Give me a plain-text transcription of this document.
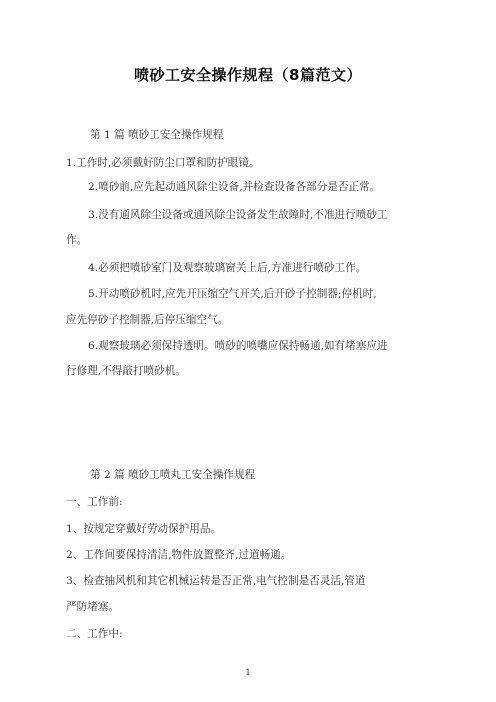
喷砂工安全操作规程（8篇范文）
第 1 篇 喷砂工安全操作规程
1.工作时,必须戴好防尘口罩和防护眼镜。
2.喷砂前,应先起动通风除尘设备,并检查设备各部分是否正常。
3.没有通风除尘设备或通风除尘设备发生故障时,不准进行喷砂工
作。
4.必须把喷砂室门及观察玻璃窗关上后,方准进行喷砂工作。
5.开动喷砂机时,应先开压缩空气开关,后开砂子控制器;停机时,
应先停砂子控制器,后停压缩空气。
6.观察玻璃必须保持透明。喷砂的喷嘴应保持畅通,如有堵塞应进
行修理,不得敲打喷砂机。
第 2 篇 喷砂工喷丸工安全操作规程
一、工作前:
1、按规定穿戴好劳动保护用品。
2、工作间要保持清洁,物件放置整齐,过道畅通。
3、检查抽风机和其它机械运转是否正常,电气控制是否灵活,管道
严防堵塞。
二、工作中:
1
